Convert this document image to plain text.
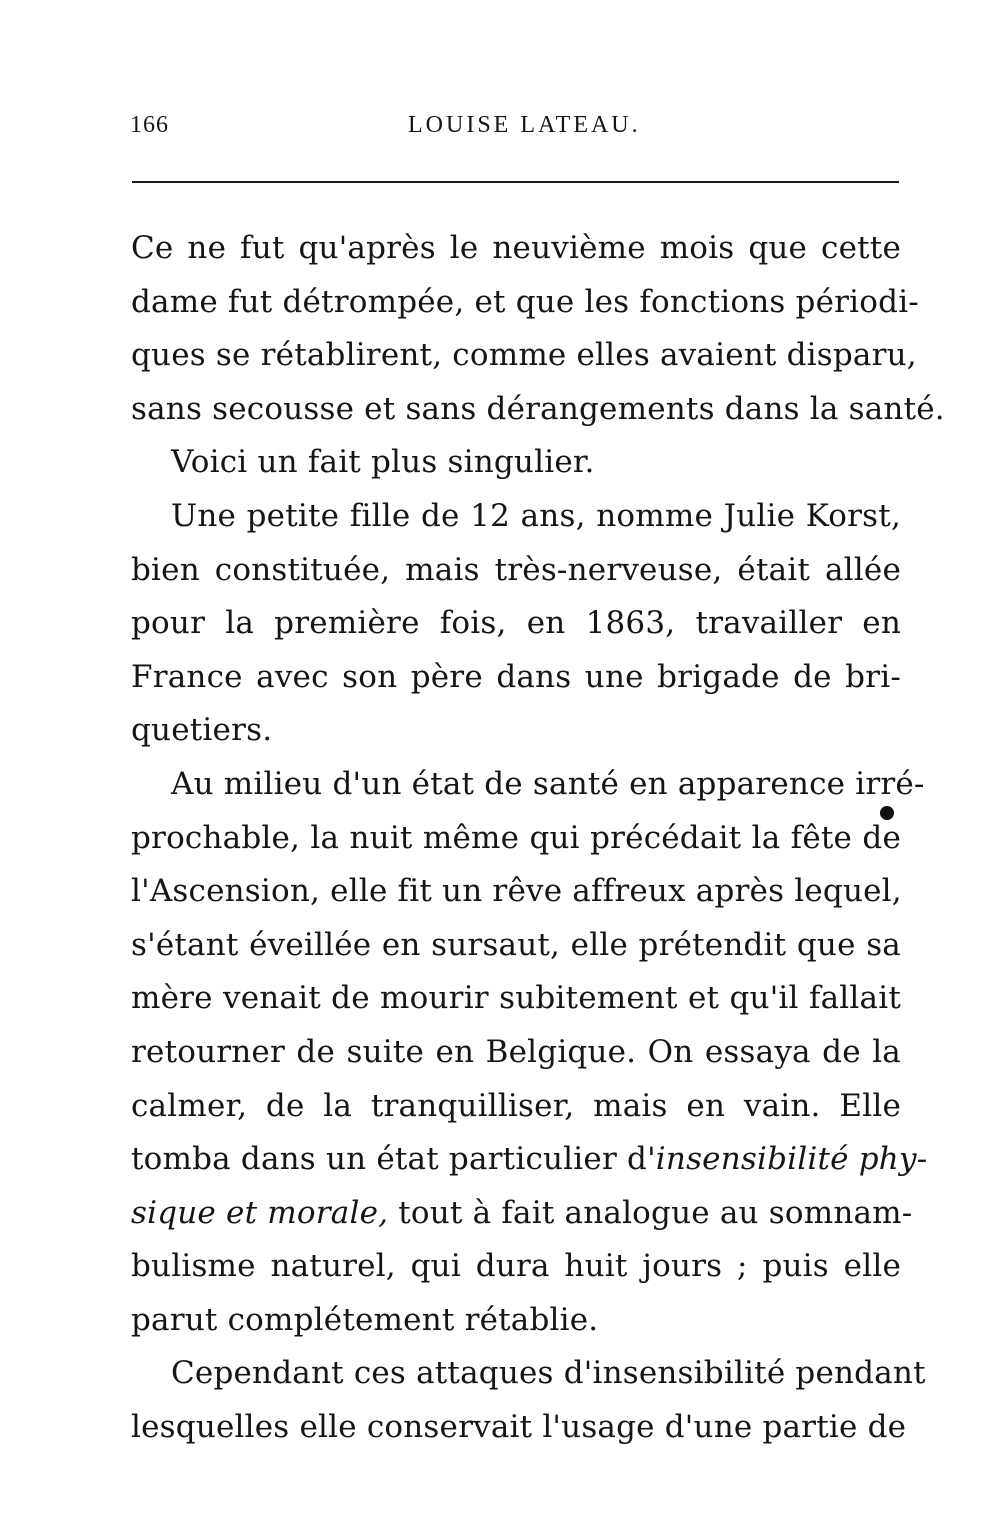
166	LOUISE LATEAU.
Ce ne fut qu'après le neuvième mois que cette
dame fut détrompée, et que les fonctions périodi-
ques se rétablirent, comme elles avaient disparu,
sans secousse et sans dérangements dans la santé.
Voici un fait plus singulier.
Une petite fille de 12 ans, nomme Julie Korst,
bien constituée, mais très-nerveuse, était allée
pour la première fois, en 1863, travailler en
France avec son père dans une brigade de bri-
quetiers.
Au milieu d'un état de santé en apparence irré-
prochable, la nuit même qui précédait la fête de
l'Ascension, elle fit un rêve affreux après lequel,
s'étant éveillée en sursaut, elle prétendit que sa
mère venait de mourir subitement et qu'il fallait
retourner de suite en Belgique. On essaya de la
calmer, de la tranquilliser, mais en vain. Elle
tomba dans un état particulier d'insensibilité phy-
sique et morale, tout à fait analogue au somnam-
bulisme naturel, qui dura huit jours ; puis elle
parut complétement rétablie.
Cependant ces attaques d'insensibilité pendant
lesquelles elle conservait l'usage d'une partie de
